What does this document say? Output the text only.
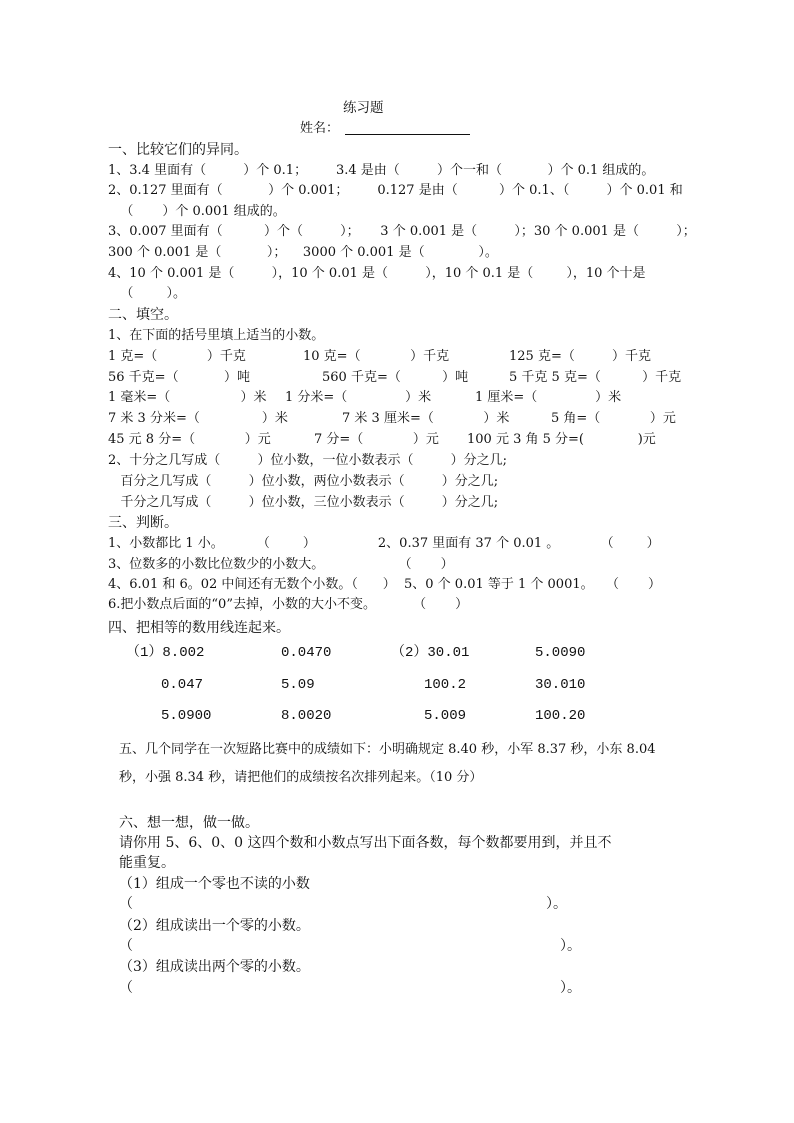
练习题
姓名：
一、比较它们的异同。
1、3.4 里面有（         ）个 0.1；       3.4 是由（         ）个一和（           ）个 0.1 组成的。
2、0.127 里面有（           ）个 0.001；       0.127 是由（          ）个 0.1、（         ）个 0.01 和
（       ）个 0.001 组成的。
3、0.007 里面有（          ）个（         ）；     3 个 0.001 是（         ）；30 个 0.001 是（         ）；
300 个 0.001 是（           ）；    3000 个 0.001 是（             ）。
4、10 个 0.001 是（         ），10 个 0.01 是（         ），10 个 0.1 是（        ），10 个十是
（        ）。
二、填空。
1、在下面的括号里填上适当的小数。
1 克=（            ）千克	10 克=（            ）千克	125 克=（         ）千克
56 千克=（           ）吨	560 千克=（          ）吨	5 千克 5 克=（          ）千克
1 毫米=（                 ）米 1 分米=（              ）米	1 厘米=（              ）米
7 米 3 分米=（               ）米	7 米 3 厘米=（            ）米	5 角=（            ）元
45 元 8 分=（            ）元	7 分=（            ）元 100 元 3 角 5 分=(             )元
2、十分之几写成（         ）位小数，一位小数表示（         ）分之几;
百分之几写成（         ）位小数，两位小数表示（         ）分之几;
千分之几写成（         ）位小数，三位小数表示（         ）分之几;
三、判断。
1、小数都比 1 小。        （        ）               2、0.37 里面有 37 个 0.01 。          （        ）
3、位数多的小数比位数少的小数大。                  （       ）
4、6.01 和 6。02 中间还有无数个小数。（      ）  5、0 个 0.01 等于 1 个 0001。   （       ）
6.把小数点后面的“0”去掉，小数的大小不变。         （       ）
四、把相等的数用线连起来。
（1）8.002	0.0470	（2）30.01	5.0090
0.047	5.09	100.2	30.010
5.0900	8.0020	5.009	100.20
五、几个同学在一次短路比赛中的成绩如下：小明确规定 8.40 秒，小军 8.37 秒，小东 8.04
秒，小强 8.34 秒，请把他们的成绩按名次排列起来。（10 分）
六、想一想，做一做。
请你用 5、6、0、0 这四个数和小数点写出下面各数，每个数都要用到，并且不
能重复。
（1）组成一个零也不读的小数
（	）。
（2）组成读出一个零的小数。
（	）。
（3）组成读出两个零的小数。
（	）。
